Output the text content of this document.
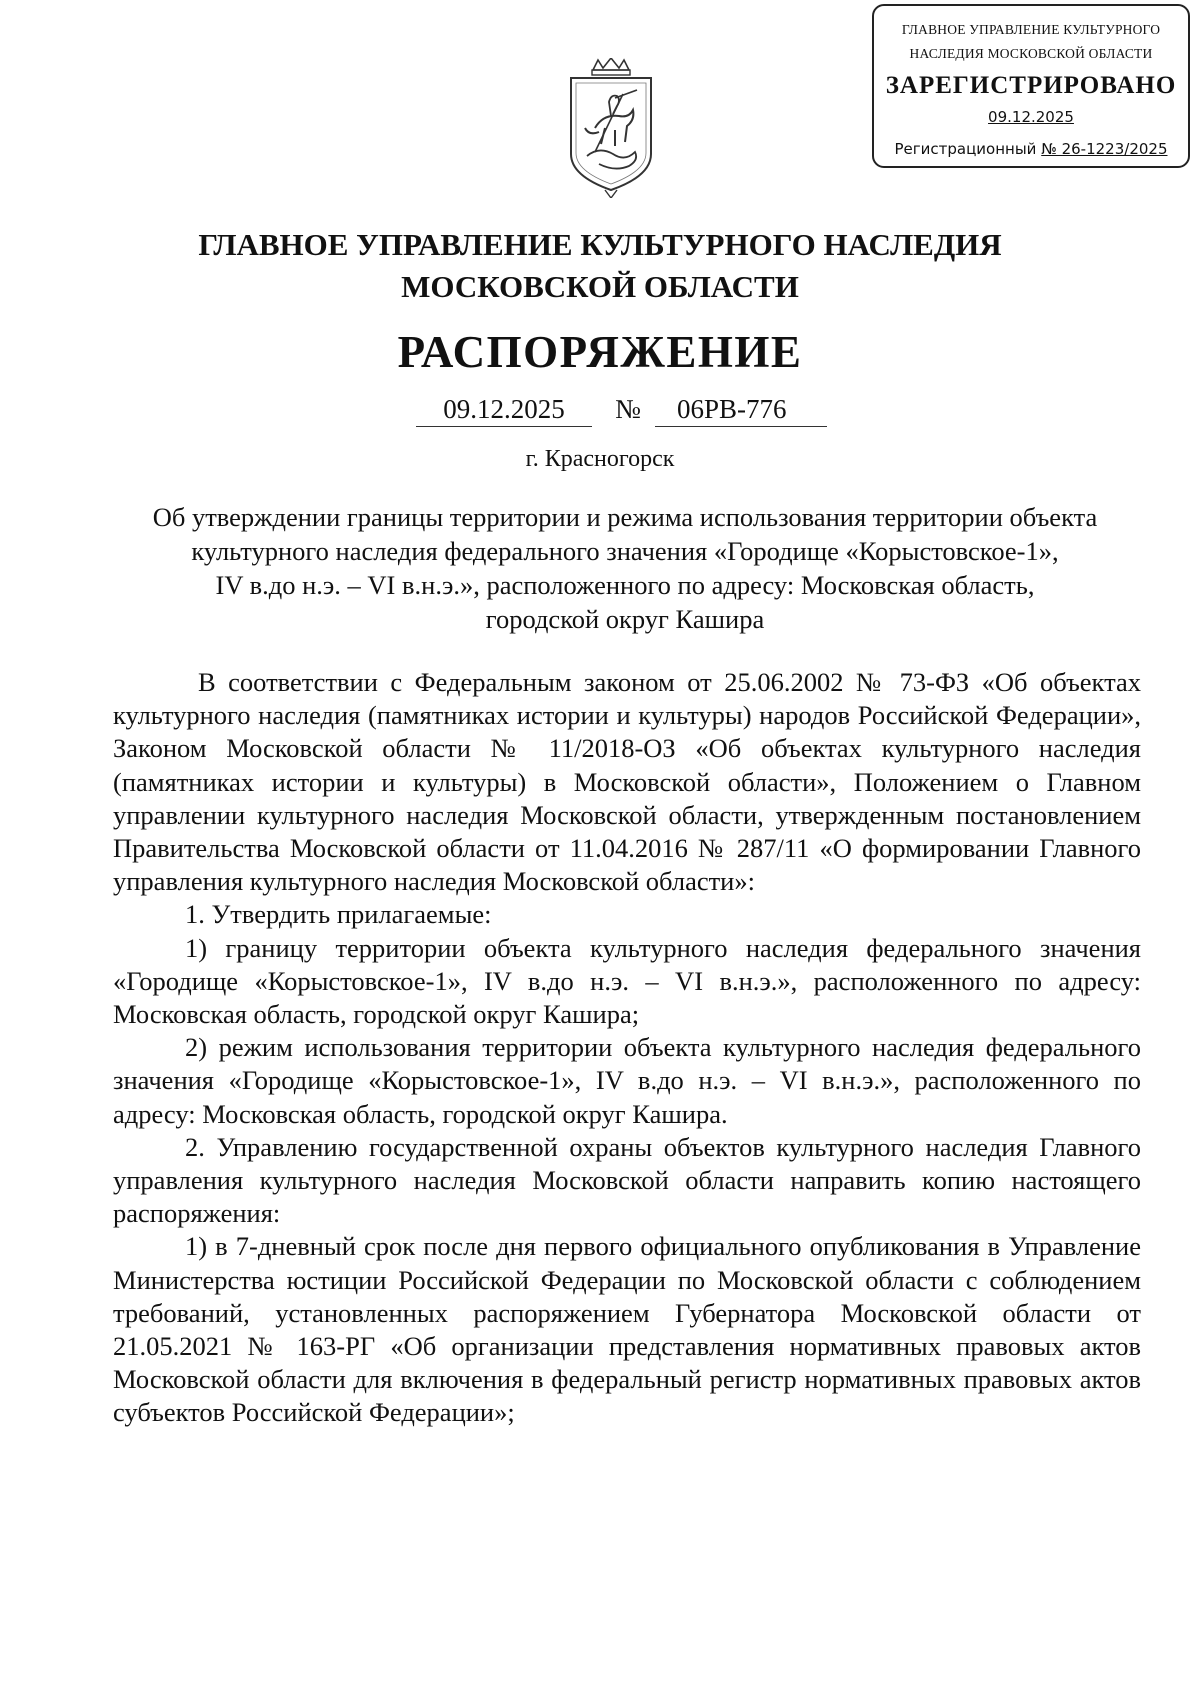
ГЛАВНОЕ УПРАВЛЕНИЕ КУЛЬТУРНОГО
НАСЛЕДИЯ МОСКОВСКОЙ ОБЛАСТИ
ЗАРЕГИСТРИРОВАНО
09.12.2025
Регистрационный № 26-1223/2025
ГЛАВНОЕ УПРАВЛЕНИЕ КУЛЬТУРНОГО НАСЛЕДИЯ
МОСКОВСКОЙ ОБЛАСТИ
РАСПОРЯЖЕНИЕ
09.12.2025	№	06РВ-776
г. Красногорск
Об утверждении границы территории и режима использования территории объекта
культурного наследия федерального значения «Городище «Корыстовское-1»,
IV в.до н.э. – VI в.н.э.», расположенного по адресу: Московская область,
городской округ Кашира

В соответствии с Федеральным законом от 25.06.2002 № 73-ФЗ «Об объектах культурного наследия (памятниках истории и культуры) народов Российской Федерации», Законом Московской области № 11/2018-ОЗ «Об объектах культурного наследия (памятниках истории и культуры) в Московской области», Положением о Главном управлении культурного наследия Московской области, утвержденным постановлением Правительства Московской области от 11.04.2016 № 287/11 «О формировании Главного управления культурного наследия Московской области»:

1. Утвердить прилагаемые:

1) границу территории объекта культурного наследия федерального значения «Городище «Корыстовское-1», IV в.до н.э. – VI в.н.э.», расположенного по адресу: Московская область, городской округ Кашира;

2) режим использования территории объекта культурного наследия федерального значения «Городище «Корыстовское-1», IV в.до н.э. – VI в.н.э.», расположенного по адресу: Московская область, городской округ Кашира.

2. Управлению государственной охраны объектов культурного наследия Главного управления культурного наследия Московской области направить копию настоящего распоряжения:

1) в 7-дневный срок после дня первого официального опубликования в Управление Министерства юстиции Российской Федерации по Московской области с соблюдением требований, установленных распоряжением Губернатора Московской области от 21.05.2021 № 163-РГ «Об организации представления нормативных правовых актов Московской области для включения в федеральный регистр нормативных правовых актов субъектов Российской Федерации»;
